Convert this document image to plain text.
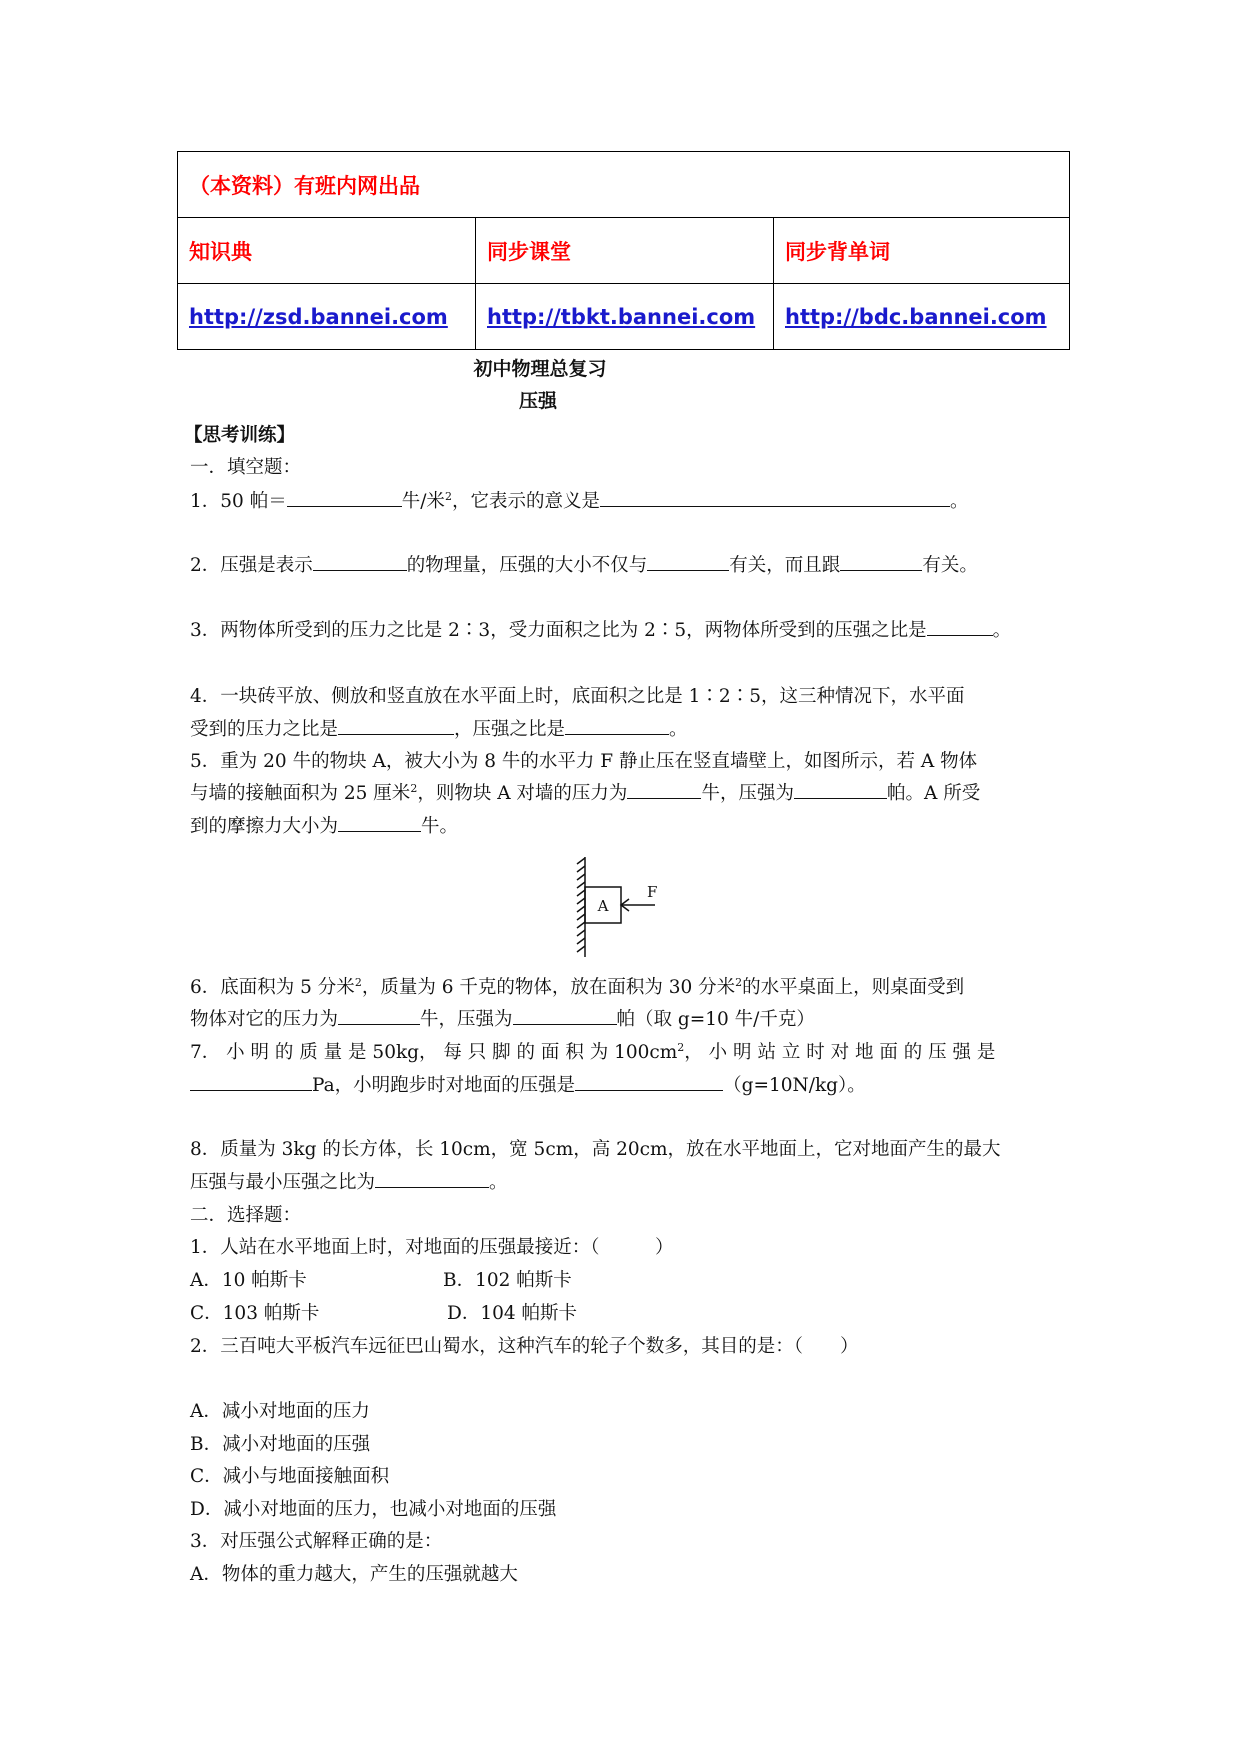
（本资料）有班内网出品		
知识典	同步课堂	同步背单词
http://zsd.bannei.com	http://tbkt.bannei.com	http://bdc.bannei.com
初中物理总复习
压强
【思考训练】
一．填空题：
1．50 帕＝	牛/米$^2$，它表示的意义是	。
2．压强是表示	的物理量，压强的大小不仅与	有关，而且跟	有关。
3．两物体所受到的压力之比是 2∶3，受力面积之比为 2∶5，两物体所受到的压强之比是	。
4．一块砖平放、侧放和竖直放在水平面上时，底面积之比是 1∶2∶5，这三种情况下，水平面
受到的压力之比是	，压强之比是	。
5．重为 20 牛的物块 A，被大小为 8 牛的水平力 F 静止压在竖直墙壁上，如图所示，若 A 物体
与墙的接触面积为 25 厘米$^2$，则物块 A 对墙的压力为	牛，压强为	帕。A 所受
到的摩擦力大小为	牛。
A
F
6．底面积为 5 分米$^2$，质量为 6 千克的物体，放在面积为 30 分米$^2$的水平桌面上，则桌面受到
物体对它的压力为	牛，压强为	帕（取 g=10 牛/千克）
7． 小 明 的 质 量 是 50kg， 每 只 脚 的 面 积 为 $100cm^2$， 小 明 站 立 时 对 地 面 的 压 强 是
Pa，小明跑步时对地面的压强是	（g=10N/kg）。
8．质量为 3kg 的长方体，长 10cm，宽 5cm，高 20cm，放在水平地面上，它对地面产生的最大
压强与最小压强之比为	。
二．选择题：
1．人站在水平地面上时，对地面的压强最接近：（　　　）
A．10 帕斯卡	B．102 帕斯卡
C．103 帕斯卡	D．104 帕斯卡
2．三百吨大平板汽车远征巴山蜀水，这种汽车的轮子个数多，其目的是：（　　）
A．减小对地面的压力
B．减小对地面的压强
C．减小与地面接触面积
D．减小对地面的压力，也减小对地面的压强
3．对压强公式解释正确的是：
A．物体的重力越大，产生的压强就越大
